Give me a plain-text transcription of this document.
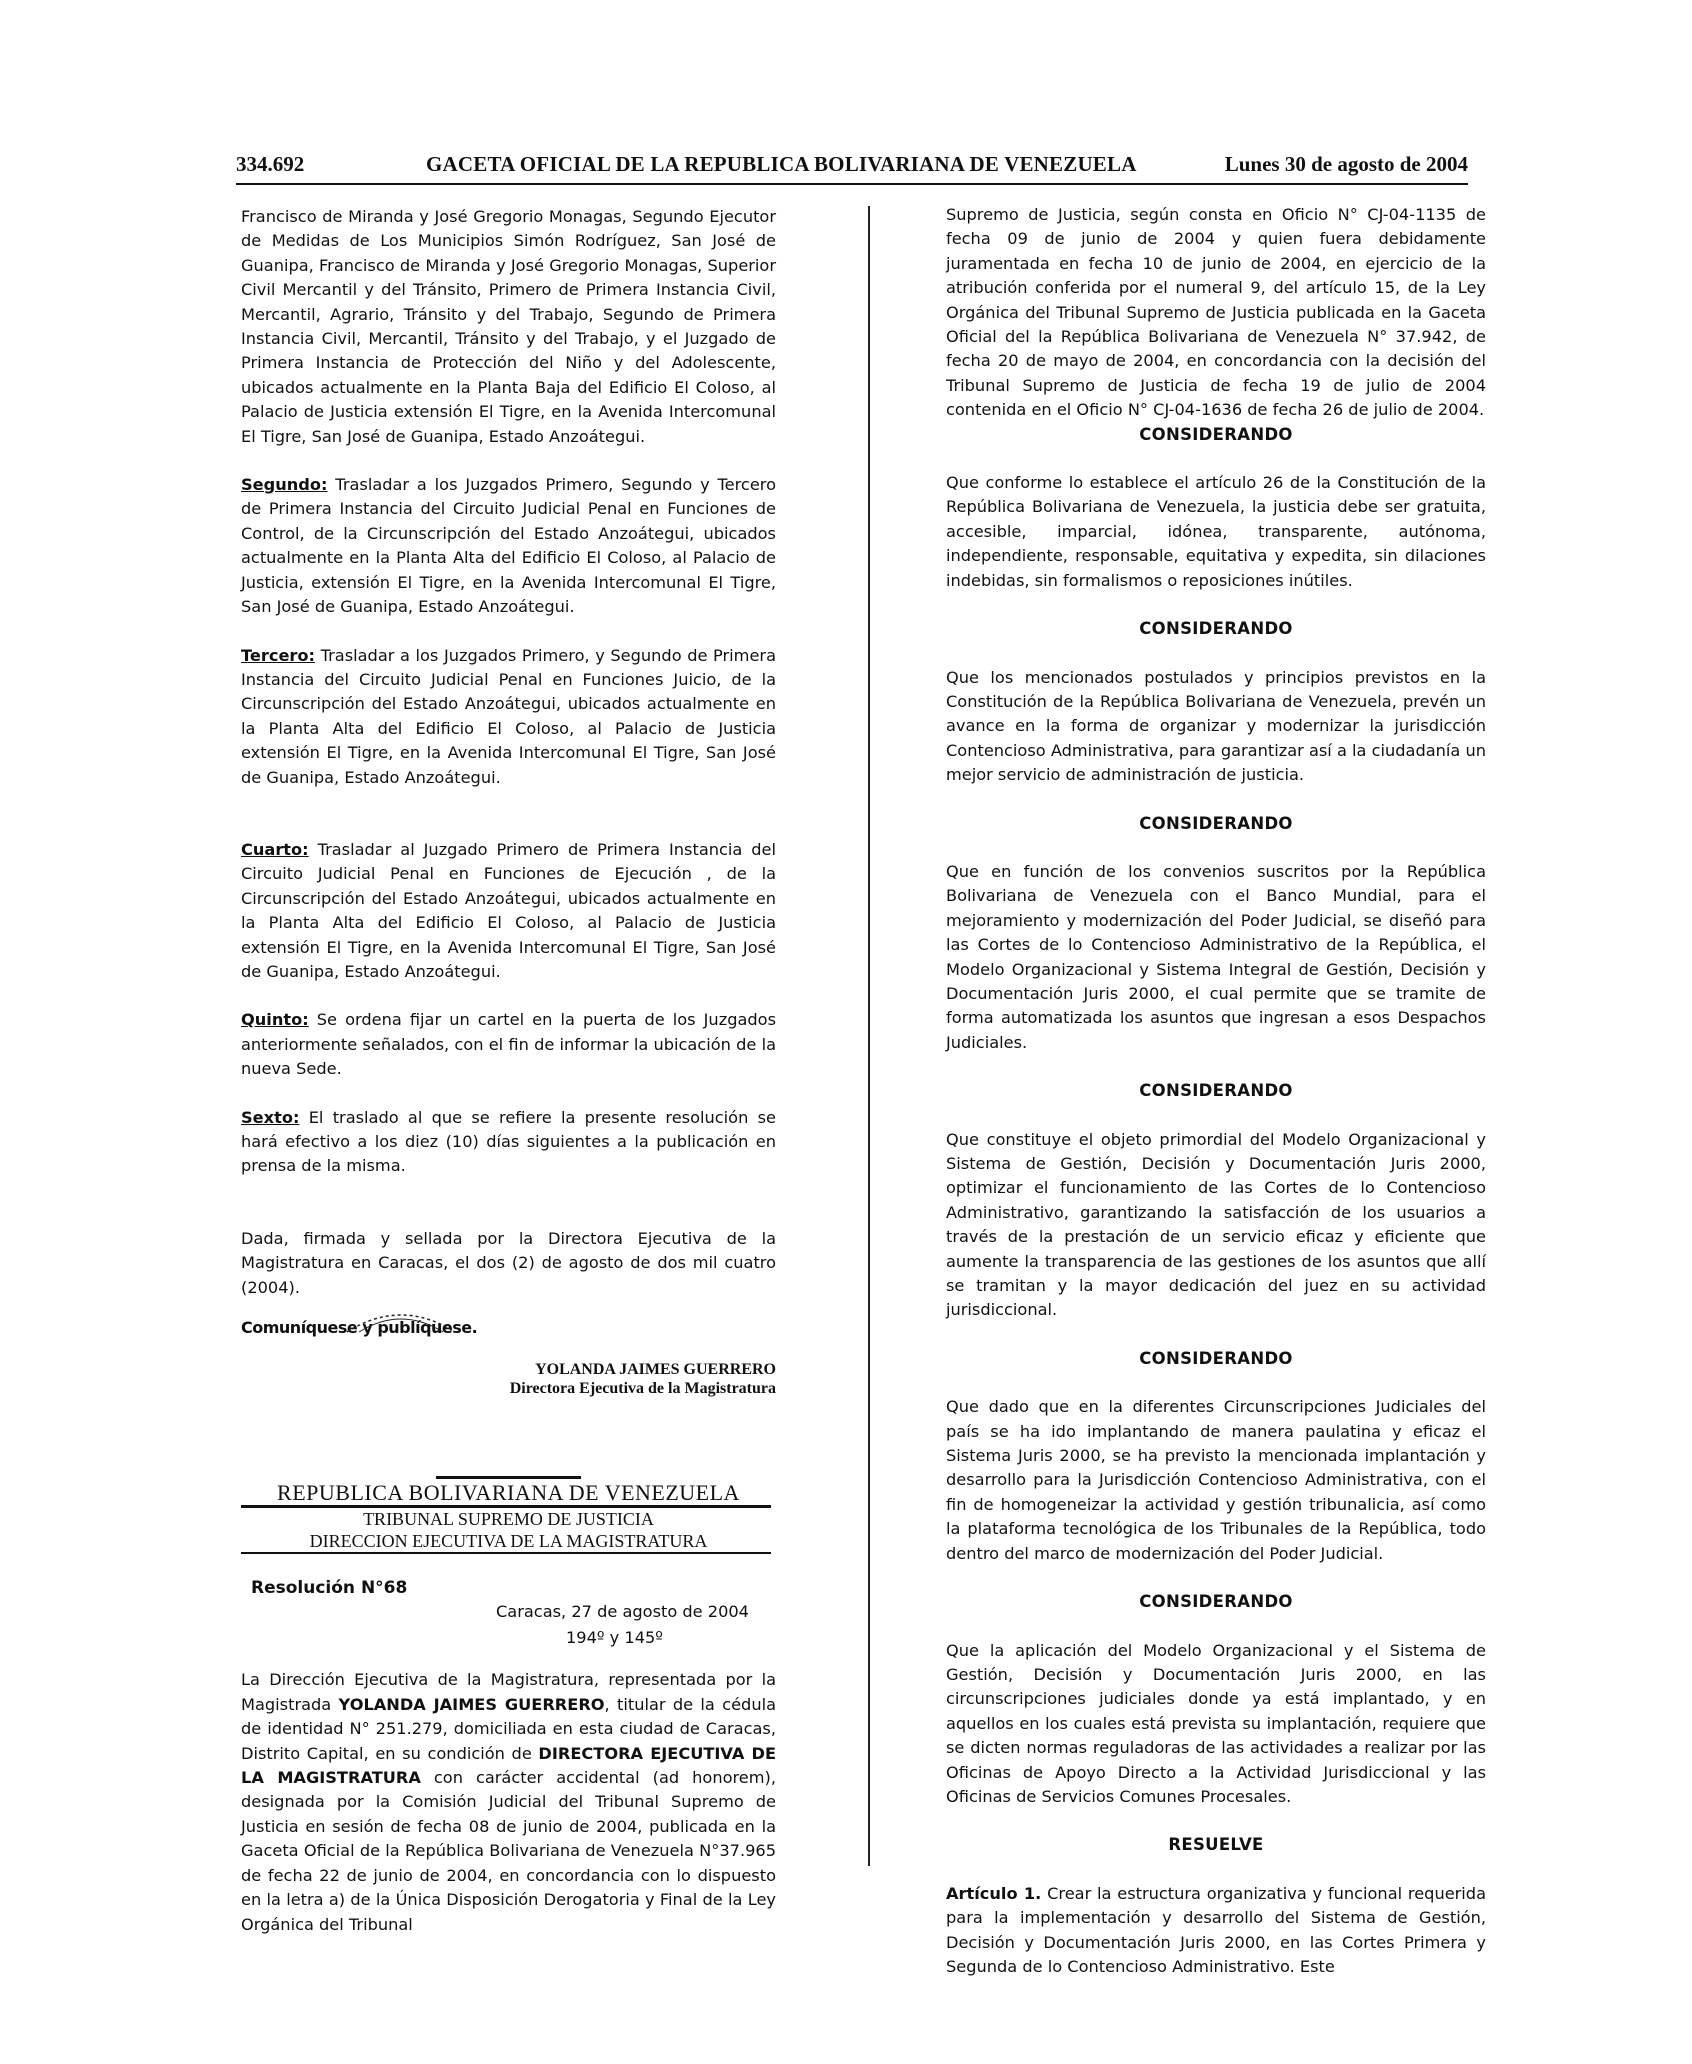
334.692	GACETA OFICIAL DE LA REPUBLICA BOLIVARIANA DE VENEZUELA	Lunes 30 de agosto de 2004

Francisco de Miranda y José Gregorio Monagas, Segundo Ejecutor de Medidas de Los Municipios Simón Rodríguez, San José de Guanipa, Francisco de Miranda y José Gregorio Monagas, Superior Civil Mercantil y del Tránsito, Primero de Primera Instancia Civil, Mercantil, Agrario, Tránsito y del Trabajo, Segundo de Primera Instancia Civil, Mercantil, Tránsito y del Trabajo, y el Juzgado de Primera Instancia de Protección del Niño y del Adolescente, ubicados actualmente en la Planta Baja del Edificio El Coloso, al Palacio de Justicia extensión El Tigre, en la Avenida Intercomunal El Tigre, San José de Guanipa, Estado Anzoátegui.

Segundo: Trasladar a los Juzgados Primero, Segundo y Tercero de Primera Instancia del Circuito Judicial Penal en Funciones de Control, de la Circunscripción del Estado Anzoátegui, ubicados actualmente en la Planta Alta del Edificio El Coloso, al Palacio de Justicia, extensión El Tigre, en la Avenida Intercomunal El Tigre, San José de Guanipa, Estado Anzoátegui.

Tercero: Trasladar a los Juzgados Primero, y Segundo de Primera Instancia del Circuito Judicial Penal en Funciones Juicio, de la Circunscripción del Estado Anzoátegui, ubicados actualmente en la Planta Alta del Edificio El Coloso, al Palacio de Justicia extensión El Tigre, en la Avenida Intercomunal El Tigre, San José de Guanipa, Estado Anzoátegui.

Cuarto: Trasladar al Juzgado Primero de Primera Instancia del Circuito Judicial Penal en Funciones de Ejecución , de la Circunscripción del Estado Anzoátegui, ubicados actualmente en la Planta Alta del Edificio El Coloso, al Palacio de Justicia extensión El Tigre, en la Avenida Intercomunal El Tigre, San José de Guanipa, Estado Anzoátegui.

Quinto: Se ordena fijar un cartel en la puerta de los Juzgados anteriormente señalados, con el fin de informar la ubicación de la nueva Sede.

Sexto: El traslado al que se refiere la presente resolución se hará efectivo a los diez (10) días siguientes a la publicación en prensa de la misma.

Dada, firmada y sellada por la Directora Ejecutiva de la Magistratura en Caracas, el dos (2) de agosto de dos mil cuatro (2004).

Comuníquese y publíquese.
YOLANDA JAIMES GUERRERO
Directora Ejecutiva de la Magistratura
REPUBLICA BOLIVARIANA DE VENEZUELA
TRIBUNAL SUPREMO DE JUSTICIA
DIRECCION EJECUTIVA DE LA MAGISTRATURA
Resolución N°68
Caracas, 27 de agosto de 2004
194º y 145º

La Dirección Ejecutiva de la Magistratura, representada por la Magistrada YOLANDA JAIMES GUERRERO, titular de la cédula de identidad N° 251.279, domiciliada en esta ciudad de Caracas, Distrito Capital, en su condición de DIRECTORA EJECUTIVA DE LA MAGISTRATURA con carácter accidental (ad honorem), designada por la Comisión Judicial del Tribunal Supremo de Justicia en sesión de fecha 08 de junio de 2004, publicada en la Gaceta Oficial de la República Bolivariana de Venezuela N°37.965 de fecha 22 de junio de 2004, en concordancia con lo dispuesto en la letra a) de la Única Disposición Derogatoria y Final de la Ley Orgánica del Tribunal

Supremo de Justicia, según consta en Oficio N° CJ-04-1135 de fecha 09 de junio de 2004 y quien fuera debidamente juramentada en fecha 10 de junio de 2004, en ejercicio de la atribución conferida por el numeral 9, del artículo 15, de la Ley Orgánica del Tribunal Supremo de Justicia publicada en la Gaceta Oficial del la República Bolivariana de Venezuela N° 37.942, de fecha 20 de mayo de 2004, en concordancia con la decisión del Tribunal Supremo de Justicia de fecha 19 de julio de 2004 contenida en el Oficio N° CJ-04-1636 de fecha 26 de julio de 2004.

CONSIDERANDO

Que conforme lo establece el artículo 26 de la Constitución de la República Bolivariana de Venezuela, la justicia debe ser gratuita, accesible, imparcial, idónea, transparente, autónoma, independiente, responsable, equitativa y expedita, sin dilaciones indebidas, sin formalismos o reposiciones inútiles.

CONSIDERANDO

Que los mencionados postulados y principios previstos en la Constitución de la República Bolivariana de Venezuela, prevén un avance en la forma de organizar y modernizar la jurisdicción Contencioso Administrativa, para garantizar así a la ciudadanía un mejor servicio de administración de justicia.

CONSIDERANDO

Que en función de los convenios suscritos por la República Bolivariana de Venezuela con el Banco Mundial, para el mejoramiento y modernización del Poder Judicial, se diseñó para las Cortes de lo Contencioso Administrativo de la República, el Modelo Organizacional y Sistema Integral de Gestión, Decisión y Documentación Juris 2000, el cual permite que se tramite de forma automatizada los asuntos que ingresan a esos Despachos Judiciales.

CONSIDERANDO

Que constituye el objeto primordial del Modelo Organizacional y Sistema de Gestión, Decisión y Documentación Juris 2000, optimizar el funcionamiento de las Cortes de lo Contencioso Administrativo, garantizando la satisfacción de los usuarios a través de la prestación de un servicio eficaz y eficiente que aumente la transparencia de las gestiones de los asuntos que allí se tramitan y la mayor dedicación del juez en su actividad jurisdiccional.

CONSIDERANDO

Que dado que en la diferentes Circunscripciones Judiciales del país se ha ido implantando de manera paulatina y eficaz el Sistema Juris 2000, se ha previsto la mencionada implantación y desarrollo para la Jurisdicción Contencioso Administrativa, con el fin de homogeneizar la actividad y gestión tribunalicia, así como la plataforma tecnológica de los Tribunales de la República, todo dentro del marco de modernización del Poder Judicial.

CONSIDERANDO

Que la aplicación del Modelo Organizacional y el Sistema de Gestión, Decisión y Documentación Juris 2000, en las circunscripciones judiciales donde ya está implantado, y en aquellos en los cuales está prevista su implantación, requiere que se dicten normas reguladoras de las actividades a realizar por las Oficinas de Apoyo Directo a la Actividad Jurisdiccional y las Oficinas de Servicios Comunes Procesales.

RESUELVE

Artículo 1. Crear la estructura organizativa y funcional requerida para la implementación y desarrollo del Sistema de Gestión, Decisión y Documentación Juris 2000, en las Cortes Primera y Segunda de lo Contencioso Administrativo. Este
